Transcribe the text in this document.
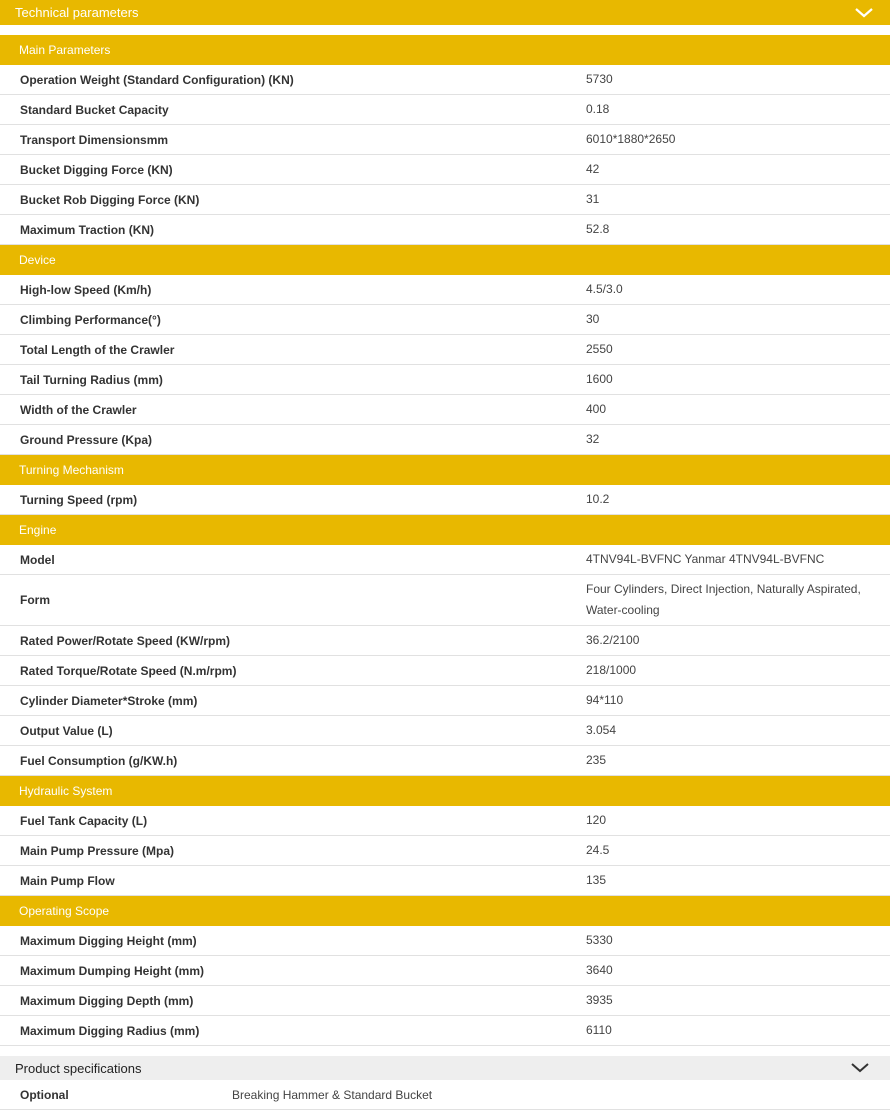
Technical parameters
Main Parameters	
Operation Weight (Standard Configuration) (KN)	5730
Standard Bucket Capacity	0.18
Transport Dimensionsmm	6010*1880*2650
Bucket Digging Force (KN)	42
Bucket Rob Digging Force (KN)	31
Maximum Traction (KN)	52.8
Device	
High-low Speed (Km/h)	4.5/3.0
Climbing Performance(°)	30
Total Length of the Crawler	2550
Tail Turning Radius (mm)	1600
Width of the Crawler	400
Ground Pressure (Kpa)	32
Turning Mechanism	
Turning Speed (rpm)	10.2
Engine	
Model	4TNV94L-BVFNC Yanmar 4TNV94L-BVFNC
Form	Four Cylinders, Direct Injection, Naturally Aspirated, Water-cooling
Rated Power/Rotate Speed (KW/rpm)	36.2/2100
Rated Torque/Rotate Speed (N.m/rpm)	218/1000
Cylinder Diameter*Stroke (mm)	94*110
Output Value (L)	3.054
Fuel Consumption (g/KW.h)	235
Hydraulic System	
Fuel Tank Capacity (L)	120
Main Pump Pressure (Mpa)	24.5
Main Pump Flow	135
Operating Scope	
Maximum Digging Height (mm)	5330
Maximum Dumping Height (mm)	3640
Maximum Digging Depth (mm)	3935
Maximum Digging Radius (mm)	6110
Product specifications
Optional	Breaking Hammer & Standard Bucket
